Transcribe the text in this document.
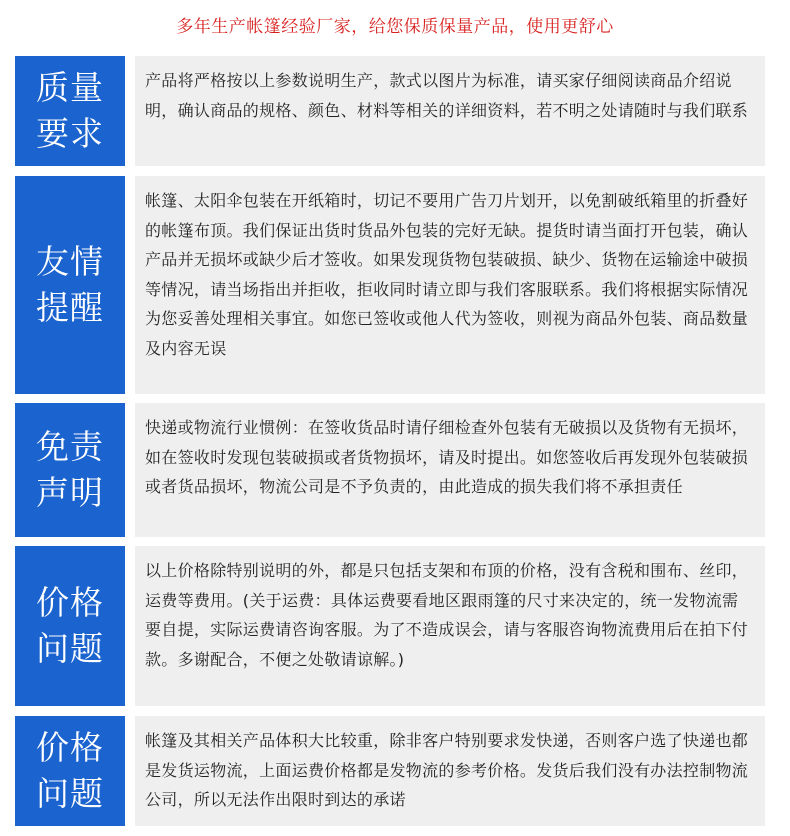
多年生产帐篷经验厂家，给您保质保量产品，使用更舒心
质量
要求
产品将严格按以上参数说明生产，款式以图片为标准，请买家仔细阅读商品介绍说明，确认商品的规格、颜色、材料等相关的详细资料，若不明之处请随时与我们联系
友情
提醒
帐篷、太阳伞包装在开纸箱时，切记不要用广告刀片划开，以免割破纸箱里的折叠好的帐篷布顶。我们保证出货时货品外包装的完好无缺。提货时请当面打开包装，确认产品并无损坏或缺少后才签收。如果发现货物包装破损、缺少、货物在运输途中破损等情况，请当场指出并拒收，拒收同时请立即与我们客服联系。我们将根据实际情况为您妥善处理相关事宜。如您已签收或他人代为签收，则视为商品外包装、商品数量及内容无误
免责
声明
快递或物流行业惯例：在签收货品时请仔细检查外包装有无破损以及货物有无损坏，如在签收时发现包装破损或者货物损坏，请及时提出。如您签收后再发现外包装破损或者货品损坏，物流公司是不予负责的，由此造成的损失我们将不承担责任
价格
问题
以上价格除特别说明的外，都是只包括支架和布顶的价格，没有含税和围布、丝印，运费等费用。(关于运费：具体运费要看地区跟雨篷的尺寸来决定的，统一发物流需要自提，实际运费请咨询客服。为了不造成误会，请与客服咨询物流费用后在拍下付款。多谢配合，不便之处敬请谅解。)
价格
问题
帐篷及其相关产品体积大比较重，除非客户特别要求发快递，否则客户选了快递也都是发货运物流，上面运费价格都是发物流的参考价格。发货后我们没有办法控制物流公司，所以无法作出限时到达的承诺
